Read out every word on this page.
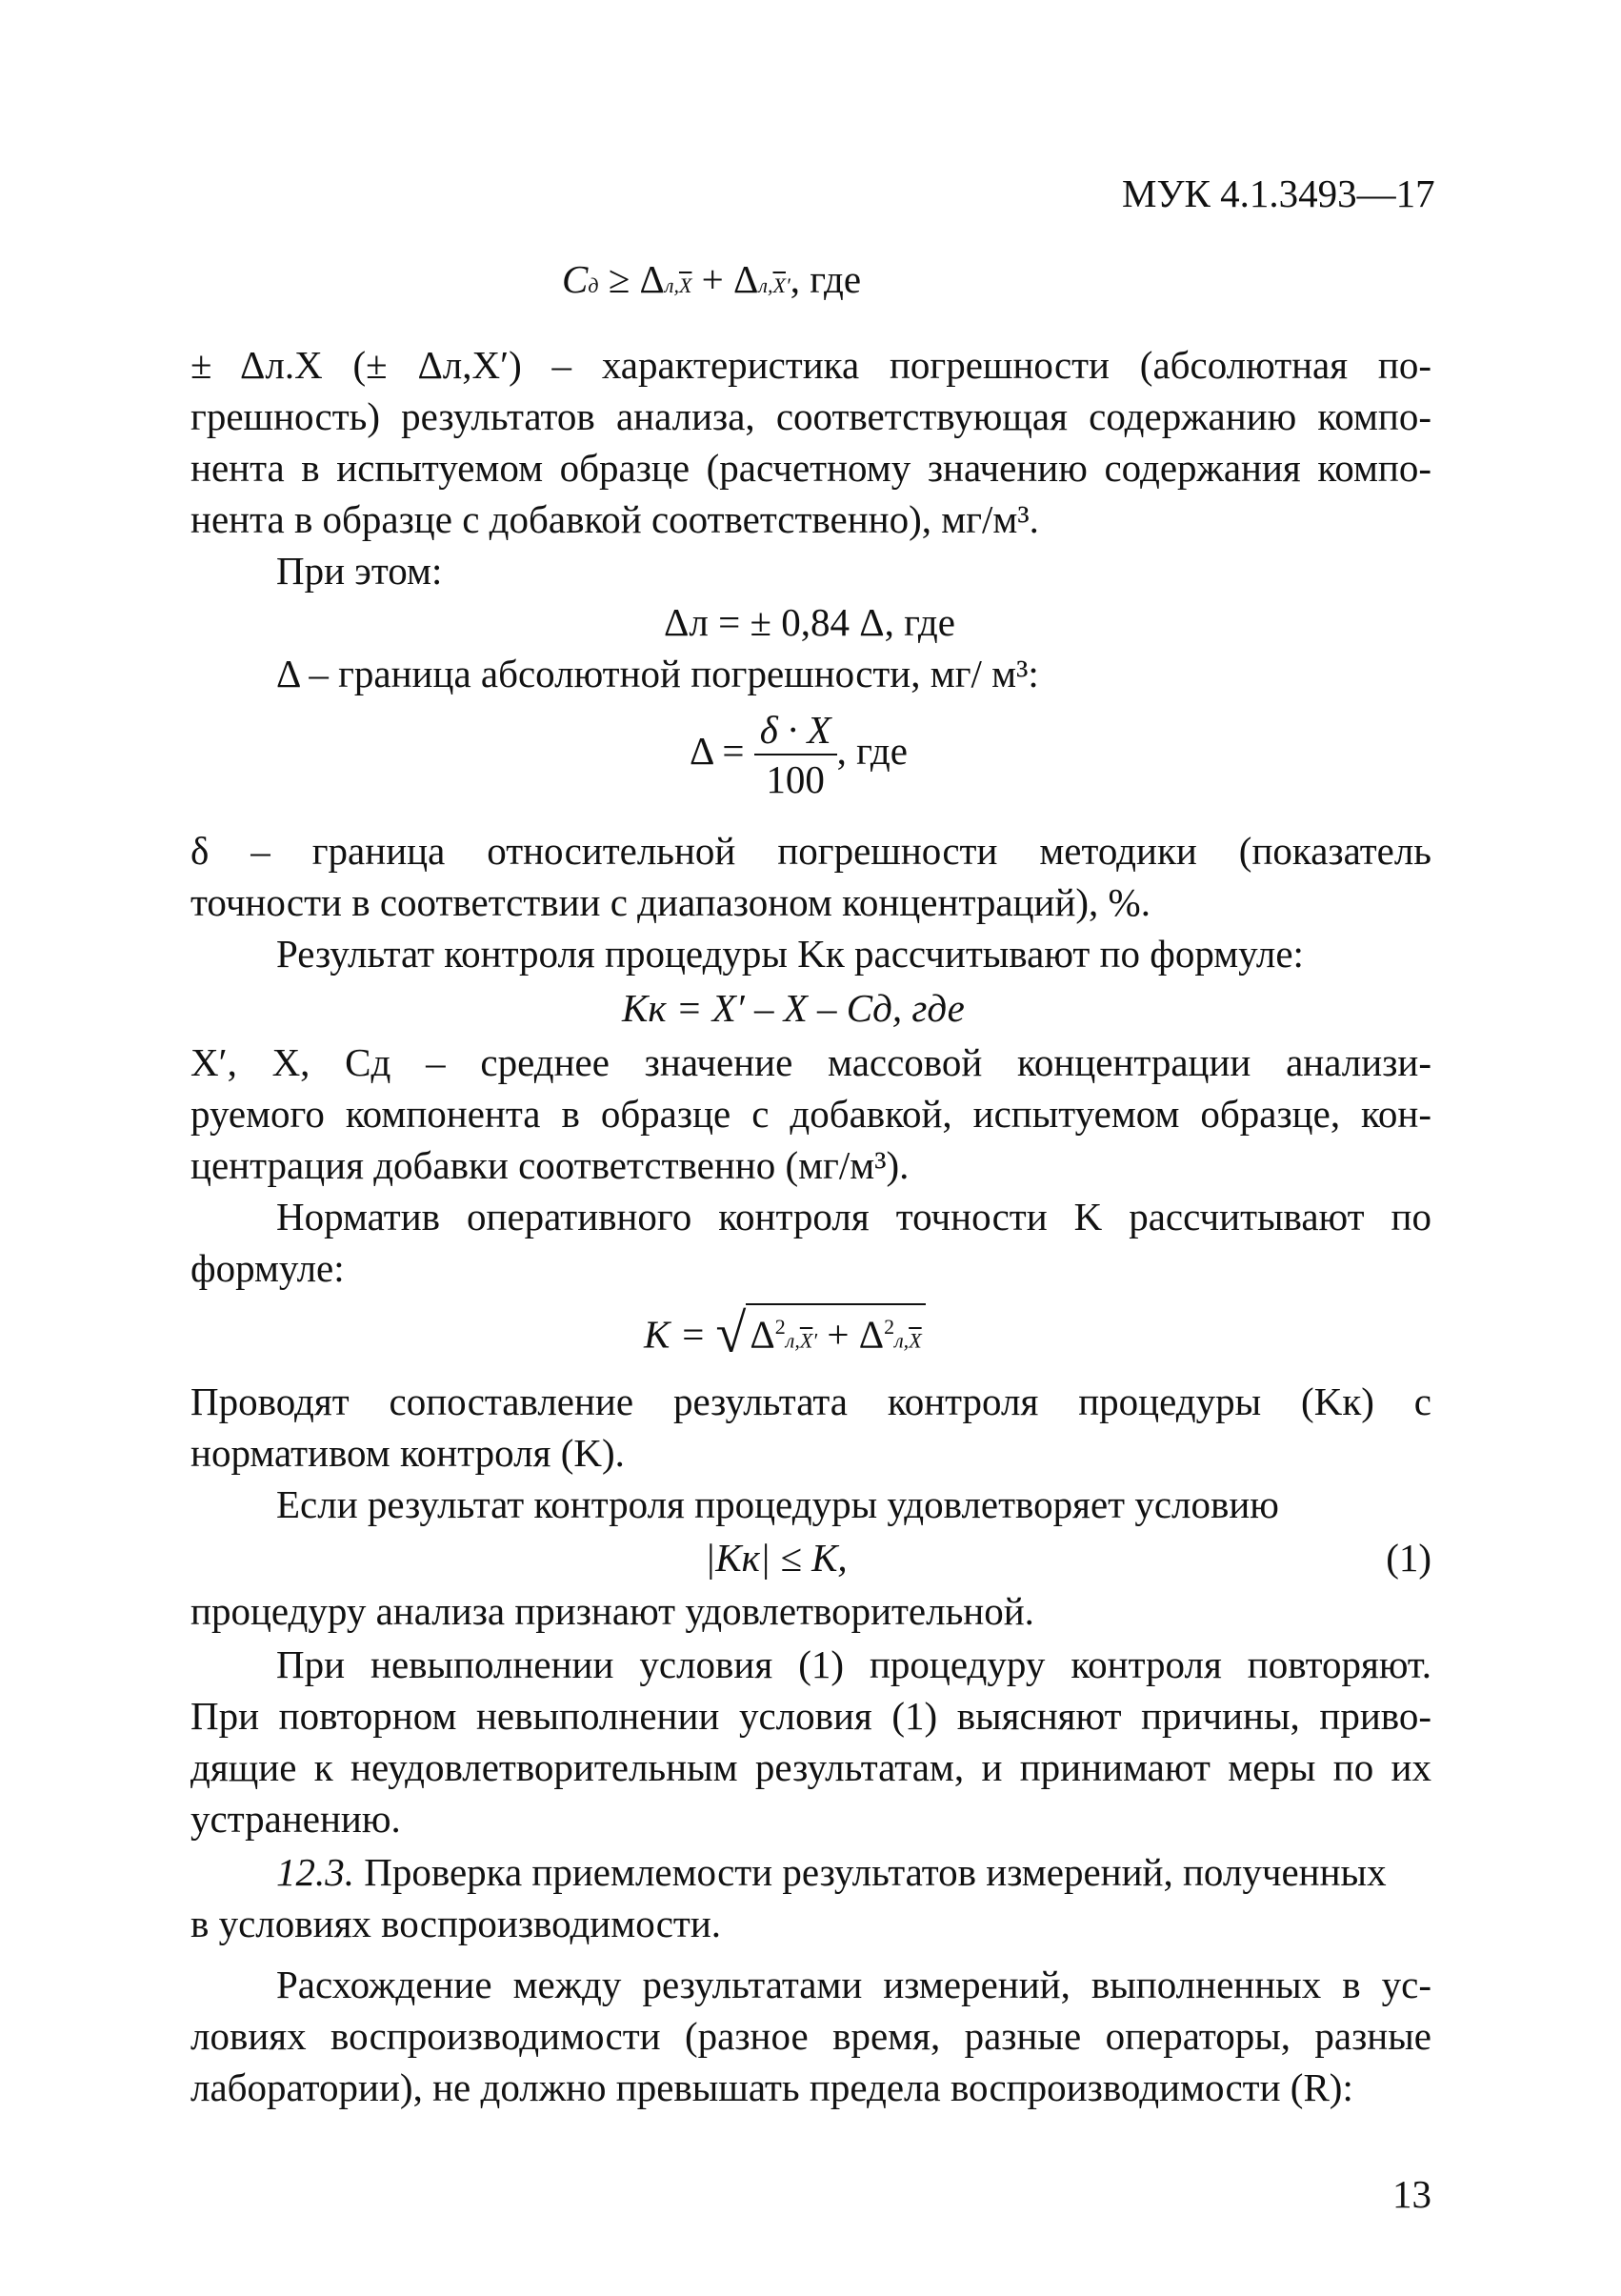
МУК 4.1.3493—17
Cд ≥ $\Delta л,\overline{X} + \Delta л,\overline{X}'$, где
± Δл.X (± Δл,X′) – характеристика погрешности (абсолютная по-
грешность) результатов анализа, соответствующая содержанию компо-
нента в испытуемом образце (расчетному значению содержания компо-
нента в образце с добавкой соответственно), мг/м³.
При этом:
Δл = ± 0,84 Δ, где
Δ – граница абсолютной погрешности, мг/ м³:
$\Delta = \frac{\delta \cdot X}{100}$ , где
δ – граница относительной погрешности методики (показатель
точности в соответствии с диапазоном концентраций), %.
Результат контроля процедуры Kк рассчитывают по формуле:
Kк = X′ – X – Cд, где
X′, X, Cд – среднее значение массовой концентрации анализи-
руемого компонента в образце с добавкой, испытуемом образце, кон-
центрация добавки соответственно (мг/м³).
Норматив оперативного контроля точности K рассчитывают по
формуле:
$K = √\Delta^2л,\overline{X}' + \Delta^2л,\overline{X}$
Проводят сопоставление результата контроля процедуры (Kк) с
нормативом контроля (K).
Если результат контроля процедуры удовлетворяет условию
|Kк| ≤ K,	(1)
процедуру анализа признают удовлетворительной.
При невыполнении условия (1) процедуру контроля повторяют.
При повторном невыполнении условия (1) выясняют причины, приво-
дящие к неудовлетворительным результатам, и принимают меры по их
устранению.
12.3. Проверка приемлемости результатов измерений, полученных
в условиях воспроизводимости.
Расхождение между результатами измерений, выполненных в ус-
ловиях воспроизводимости (разное время, разные операторы, разные
лаборатории), не должно превышать предела воспроизводимости (R):
13
